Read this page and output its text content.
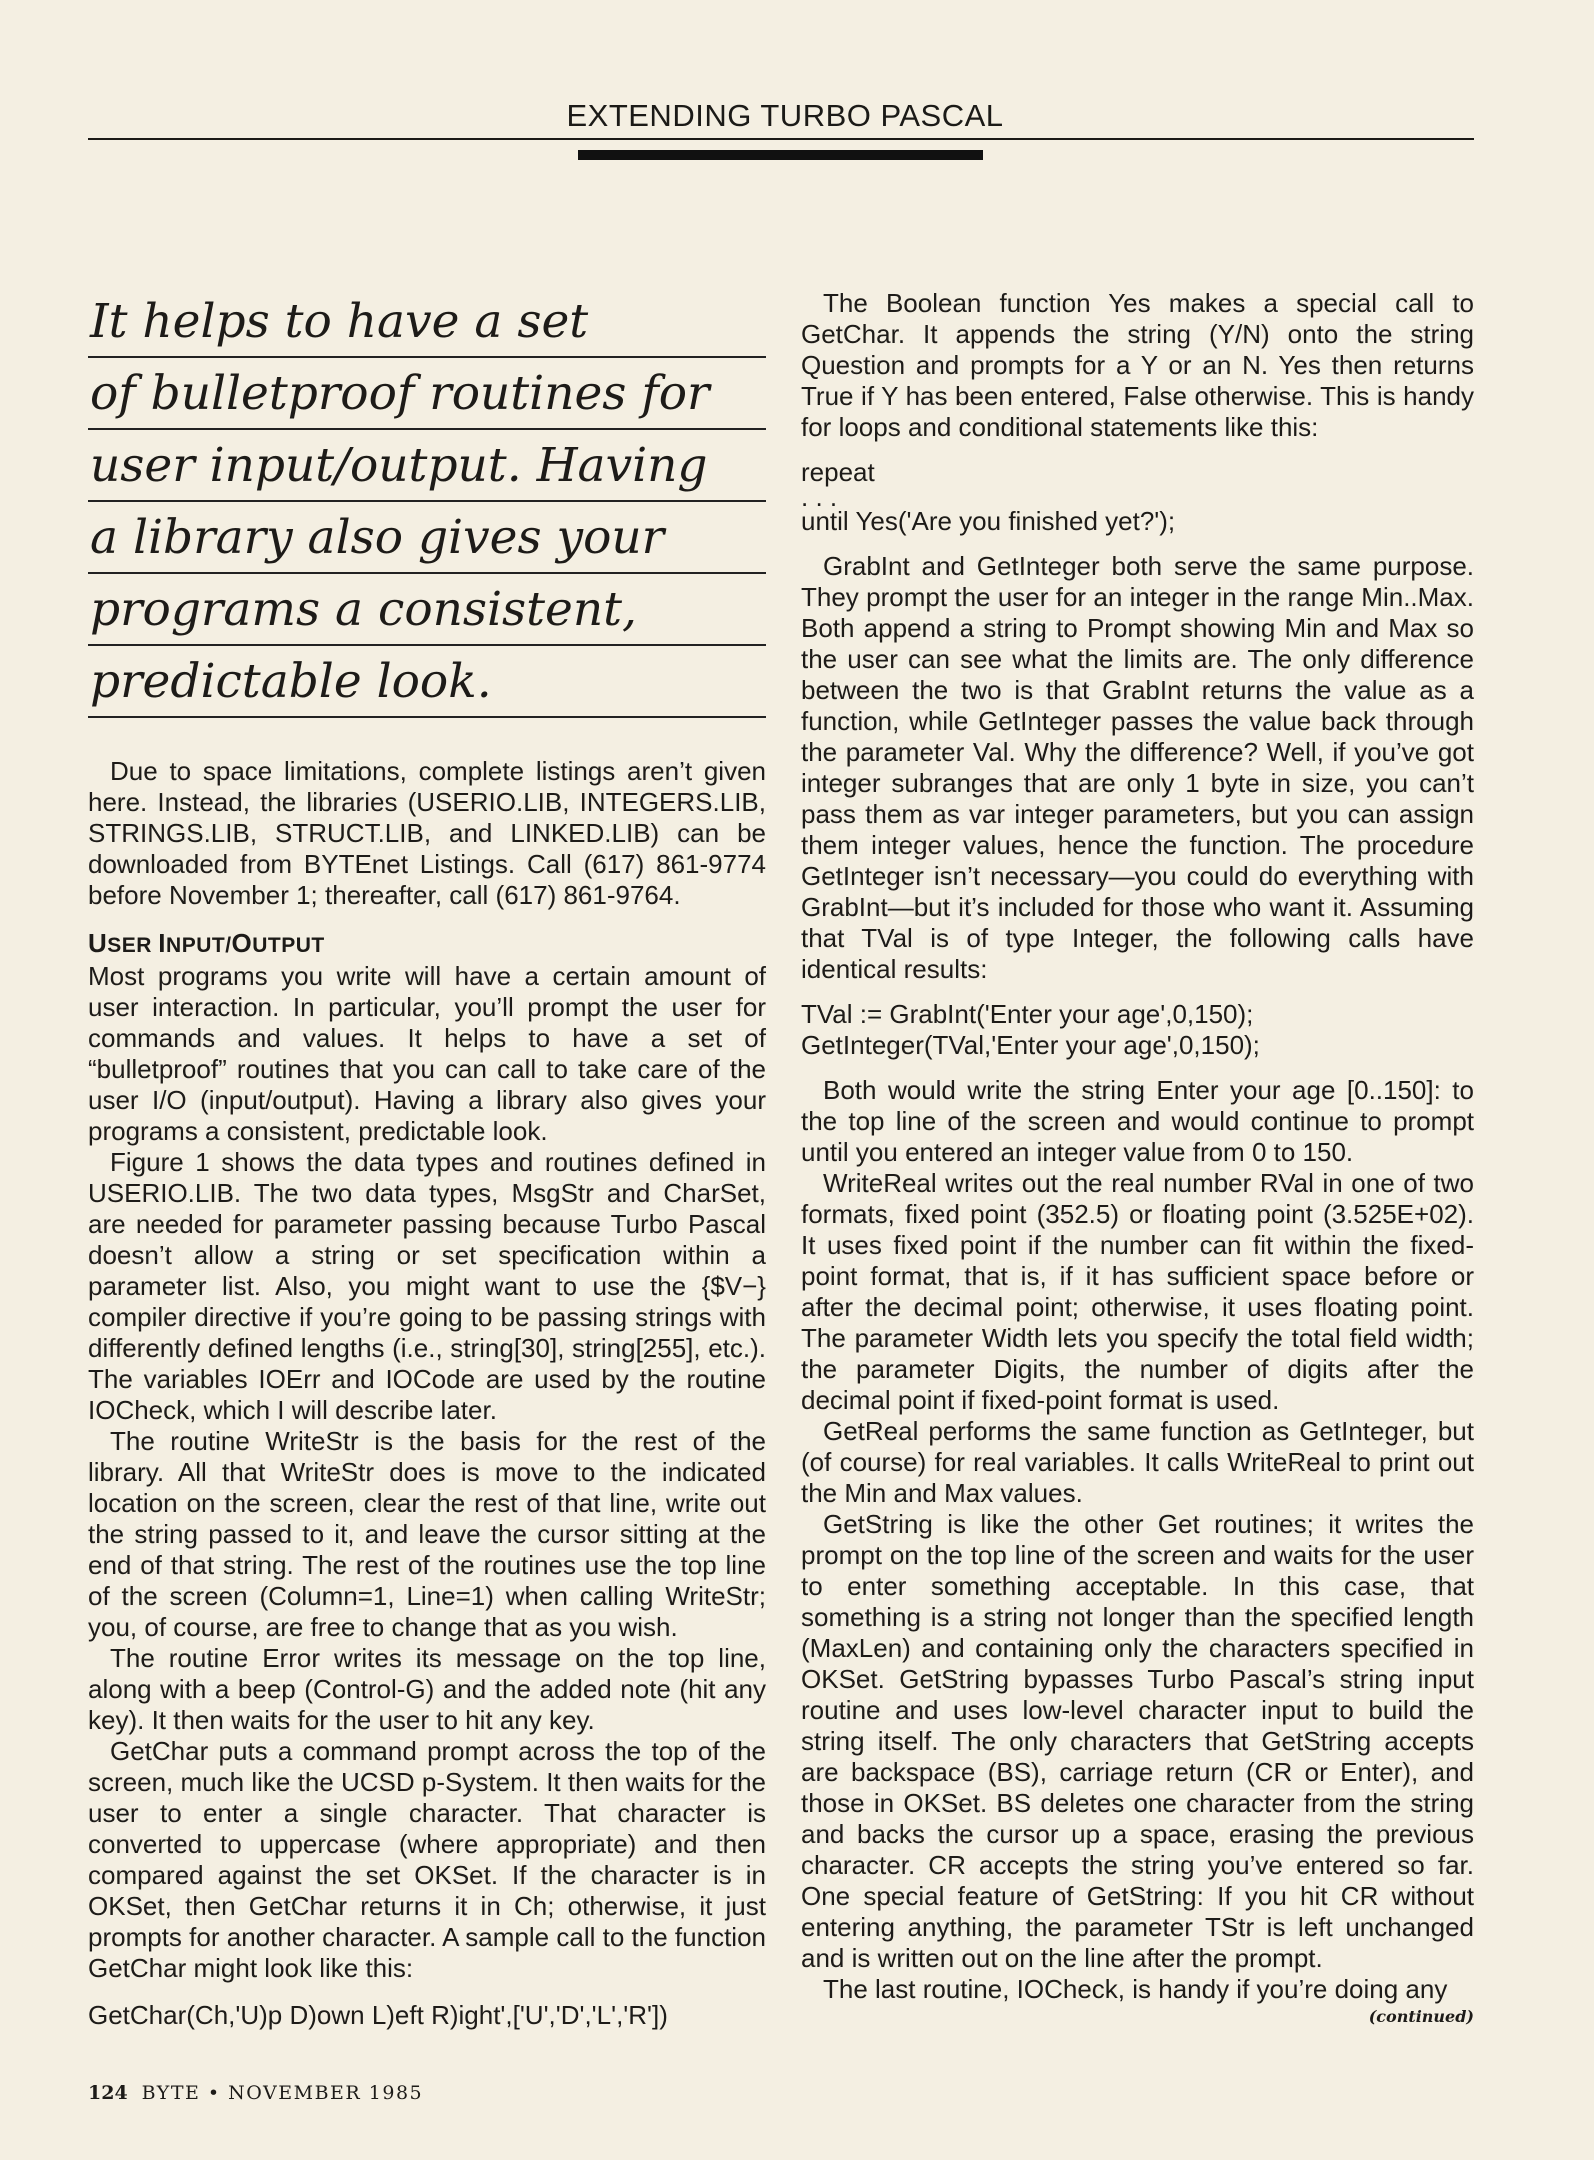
EXTENDING TURBO PASCAL
It helps to have a set
of bulletproof routines for
user input/output. Having
a library also gives your
programs a consistent,
predictable look.

Due to space limitations, complete listings aren’t given here. Instead, the libraries (USERIO.LIB, INTEGERS.LIB, STRINGS.LIB, STRUCT.LIB, and LINKED.LIB) can be downloaded from BYTEnet Listings. Call (617) 861-9774 before November 1; thereafter, call (617) 861-9764.

USER INPUT/OUTPUT

Most programs you write will have a certain amount of user interaction. In particular, you’ll prompt the user for commands and values. It helps to have a set of “bulletproof” routines that you can call to take care of the user I/O (input/output). Having a library also gives your programs a consistent, predictable look.

Figure 1 shows the data types and routines defined in USERIO.LIB. The two data types, MsgStr and CharSet, are needed for parameter passing because Turbo Pascal doesn’t allow a string or set specification within a parameter list. Also, you might want to use the {$V−} compiler directive if you’re going to be passing strings with differently defined lengths (i.e., string[30], string[255], etc.). The variables IOErr and IOCode are used by the routine IOCheck, which I will describe later.

The routine WriteStr is the basis for the rest of the library. All that WriteStr does is move to the indicated location on the screen, clear the rest of that line, write out the string passed to it, and leave the cursor sitting at the end of that string. The rest of the routines use the top line of the screen (Column=1, Line=1) when calling WriteStr; you, of course, are free to change that as you wish.

The routine Error writes its message on the top line, along with a beep (Control-G) and the added note (hit any key). It then waits for the user to hit any key.

GetChar puts a command prompt across the top of the screen, much like the UCSD p-System. It then waits for the user to enter a single character. That character is converted to uppercase (where appropriate) and then compared against the set OKSet. If the character is in OKSet, then GetChar returns it in Ch; otherwise, it just prompts for another character. A sample call to the function GetChar might look like this:

GetChar(Ch,'U)p D)own L)eft R)ight',['U','D','L','R'])

The Boolean function Yes makes a special call to GetChar. It appends the string (Y/N) onto the string Question and prompts for a Y or an N. Yes then returns True if Y has been entered, False otherwise. This is handy for loops and conditional statements like this:

repeat

. . .

until Yes('Are you finished yet?');

GrabInt and GetInteger both serve the same purpose. They prompt the user for an integer in the range Min..Max. Both append a string to Prompt showing Min and Max so the user can see what the limits are. The only difference between the two is that GrabInt returns the value as a function, while GetInteger passes the value back through the parameter Val. Why the difference? Well, if you’ve got integer subranges that are only 1 byte in size, you can’t pass them as var integer parameters, but you can assign them integer values, hence the function. The procedure GetInteger isn’t necessary—you could do everything with GrabInt—but it’s included for those who want it. Assuming that TVal is of type Integer, the following calls have identical results:

TVal := GrabInt('Enter your age',0,150);

GetInteger(TVal,'Enter your age',0,150);

Both would write the string Enter your age [0..150]: to the top line of the screen and would continue to prompt until you entered an integer value from 0 to 150.

WriteReal writes out the real number RVal in one of two formats, fixed point (352.5) or floating point (3.525E+02). It uses fixed point if the number can fit within the fixed-point format, that is, if it has sufficient space before or after the decimal point; otherwise, it uses floating point. The parameter Width lets you specify the total field width; the parameter Digits, the number of digits after the decimal point if fixed-point format is used.

GetReal performs the same function as GetInteger, but (of course) for real variables. It calls WriteReal to print out the Min and Max values.

GetString is like the other Get routines; it writes the prompt on the top line of the screen and waits for the user to enter something acceptable. In this case, that something is a string not longer than the specified length (MaxLen) and containing only the characters specified in OKSet. GetString bypasses Turbo Pascal’s string input routine and uses low-level character input to build the string itself. The only characters that GetString accepts are backspace (BS), carriage return (CR or Enter), and those in OKSet. BS deletes one character from the string and backs the cursor up a space, erasing the previous character. CR accepts the string you’ve entered so far. One special feature of GetString: If you hit CR without entering anything, the parameter TStr is left unchanged and is written out on the line after the prompt.

The last routine, IOCheck, is handy if you’re doing any

(continued)
124 BYTE • NOVEMBER 1985
